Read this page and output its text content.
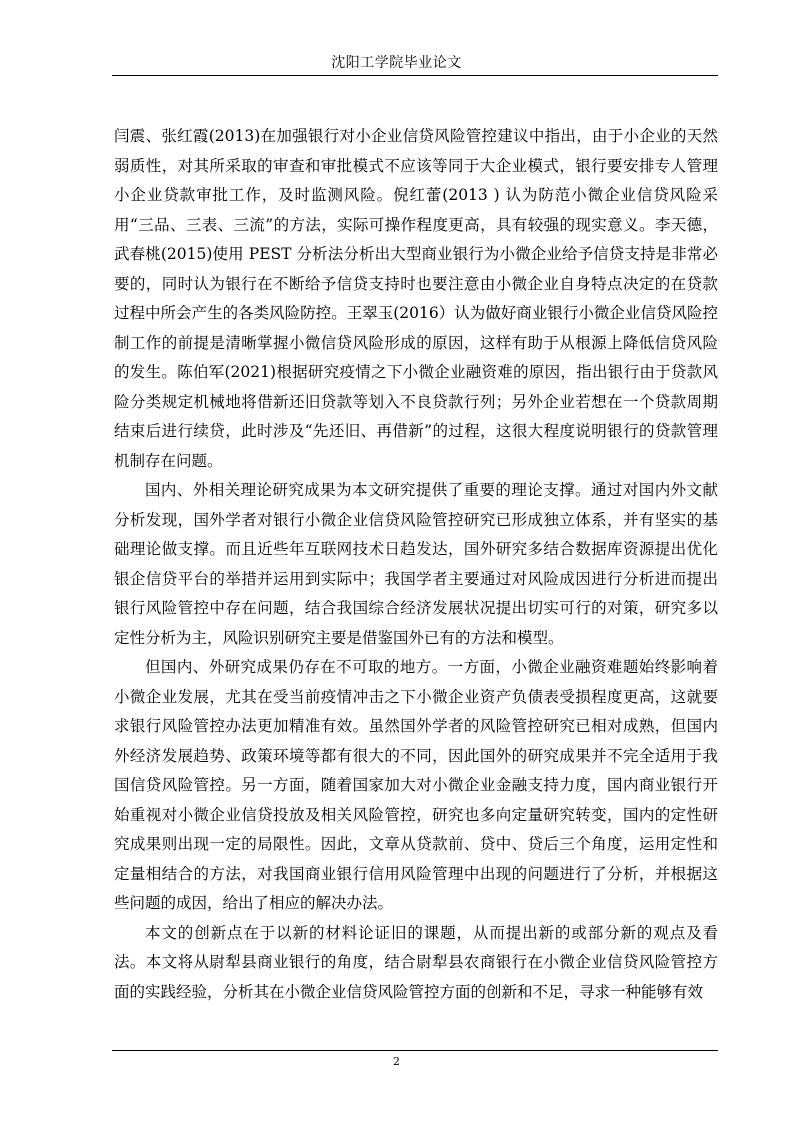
沈阳工学院毕业论文

闫震、张红霞(2013)在加强银行对小企业信贷风险管控建议中指出，由于小企业的天然弱质性，对其所采取的审查和审批模式不应该等同于大企业模式，银行要安排专人管理小企业贷款审批工作，及时监测风险。倪红蕾(2013 ) 认为防范小微企业信贷风险采用“三品、三表、三流”的方法，实际可操作程度更高，具有较强的现实意义。李天德，武春桃(2015)使用 PEST 分析法分析出大型商业银行为小微企业给予信贷支持是非常必要的，同时认为银行在不断给予信贷支持时也要注意由小微企业自身特点决定的在贷款过程中所会产生的各类风险防控。王翠玉(2016）认为做好商业银行小微企业信贷风险控制工作的前提是清晰掌握小微信贷风险形成的原因，这样有助于从根源上降低信贷风险的发生。陈伯军(2021)根据研究疫情之下小微企业融资难的原因，指出银行由于贷款风险分类规定机械地将借新还旧贷款等划入不良贷款行列；另外企业若想在一个贷款周期结束后进行续贷，此时涉及“先还旧、再借新”的过程，这很大程度说明银行的贷款管理机制存在问题。

国内、外相关理论研究成果为本文研究提供了重要的理论支撑。通过对国内外文献分析发现，国外学者对银行小微企业信贷风险管控研究已形成独立体系，并有坚实的基础理论做支撑。而且近些年互联网技术日趋发达，国外研究多结合数据库资源提出优化银企信贷平台的举措并运用到实际中；我国学者主要通过对风险成因进行分析进而提出银行风险管控中存在问题，结合我国综合经济发展状况提出切实可行的对策，研究多以定性分析为主，风险识别研究主要是借鉴国外已有的方法和模型。

但国内、外研究成果仍存在不可取的地方。一方面，小微企业融资难题始终影响着小微企业发展，尤其在受当前疫情冲击之下小微企业资产负债表受损程度更高，这就要求银行风险管控办法更加精准有效。虽然国外学者的风险管控研究已相对成熟，但国内外经济发展趋势、政策环境等都有很大的不同，因此国外的研究成果并不完全适用于我国信贷风险管控。另一方面，随着国家加大对小微企业金融支持力度，国内商业银行开始重视对小微企业信贷投放及相关风险管控，研究也多向定量研究转变，国内的定性研究成果则出现一定的局限性。因此，文章从贷款前、贷中、贷后三个角度，运用定性和定量相结合的方法，对我国商业银行信用风险管理中出现的问题进行了分析，并根据这些问题的成因，给出了相应的解决办法。

本文的创新点在于以新的材料论证旧的课题，从而提出新的或部分新的观点及看法。本文将从尉犁县商业银行的角度，结合尉犁县农商银行在小微企业信贷风险管控方面的实践经验，分析其在小微企业信贷风险管控方面的创新和不足，寻求一种能够有效

2
